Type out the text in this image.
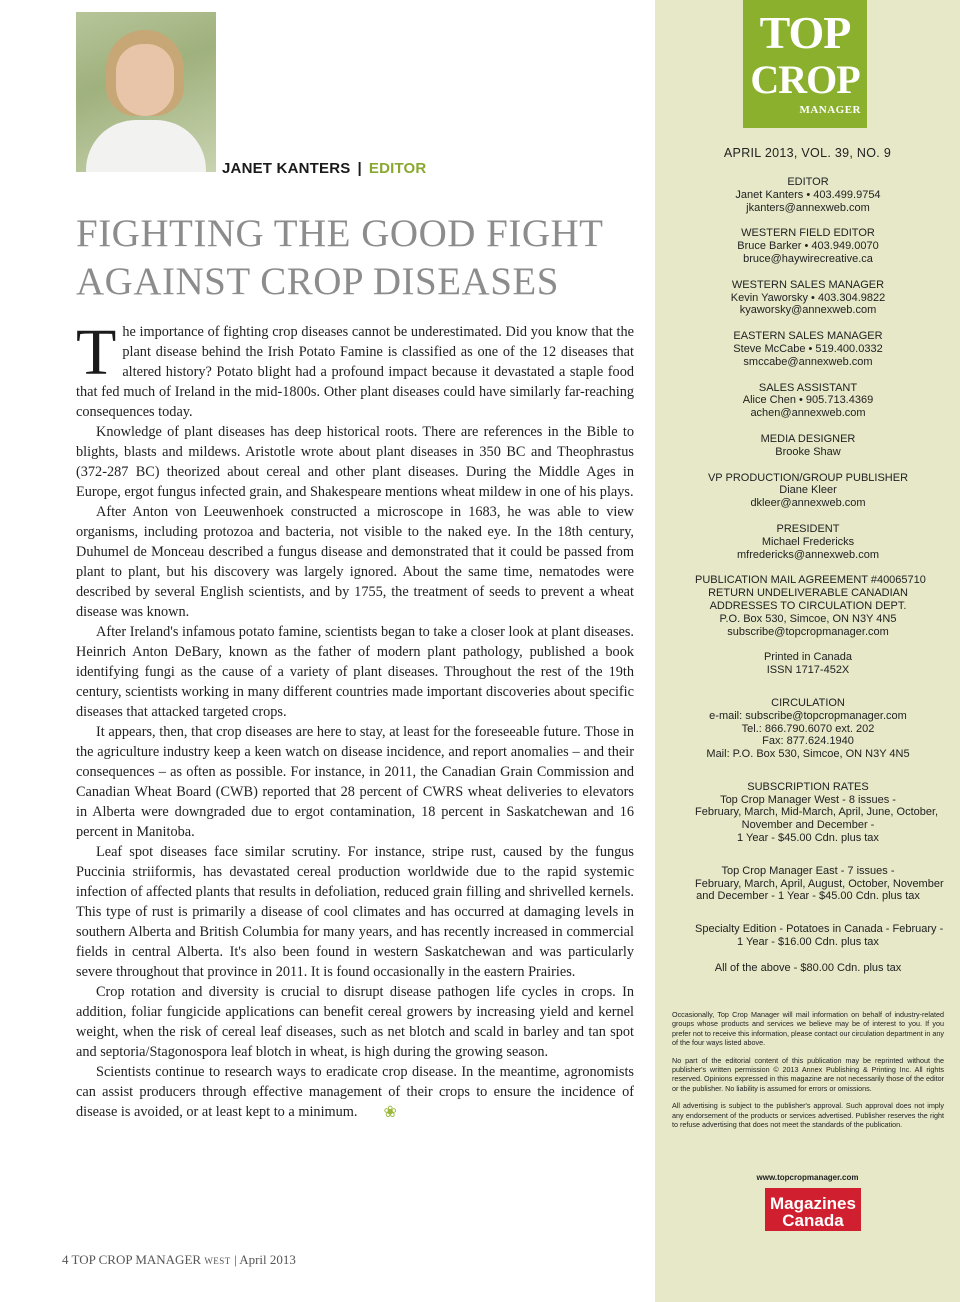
JANET KANTERS | EDITOR
FIGHTING THE GOOD FIGHT
AGAINST CROP DISEASES

The importance of fighting crop diseases cannot be underestimated. Did you know that the plant disease behind the Irish Potato Famine is classified as one of the 12 diseases that altered history? Potato blight had a profound impact because it devastated a staple food that fed much of Ireland in the mid-1800s. Other plant diseases could have similarly far-reaching consequences today.

Knowledge of plant diseases has deep historical roots. There are references in the Bible to blights, blasts and mildews. Aristotle wrote about plant diseases in 350 BC and Theophrastus (372-287 BC) theorized about cereal and other plant diseases. During the Middle Ages in Europe, ergot fungus infected grain, and Shakespeare mentions wheat mildew in one of his plays.

After Anton von Leeuwenhoek constructed a microscope in 1683, he was able to view organisms, including protozoa and bacteria, not visible to the naked eye. In the 18th century, Duhumel de Monceau described a fungus disease and demonstrated that it could be passed from plant to plant, but his discovery was largely ignored. About the same time, nematodes were described by several English scientists, and by 1755, the treatment of seeds to prevent a wheat disease was known.

After Ireland's infamous potato famine, scientists began to take a closer look at plant diseases. Heinrich Anton DeBary, known as the father of modern plant pathology, published a book identifying fungi as the cause of a variety of plant diseases. Throughout the rest of the 19th century, scientists working in many different countries made important discoveries about specific diseases that attacked targeted crops.

It appears, then, that crop diseases are here to stay, at least for the foreseeable future. Those in the agriculture industry keep a keen watch on disease incidence, and report anomalies – and their consequences – as often as possible. For instance, in 2011, the Canadian Grain Commission and Canadian Wheat Board (CWB) reported that 28 percent of CWRS wheat deliveries to elevators in Alberta were downgraded due to ergot contamination, 18 percent in Saskatchewan and 16 percent in Manitoba.

Leaf spot diseases face similar scrutiny. For instance, stripe rust, caused by the fungus Puccinia striiformis, has devastated cereal production worldwide due to the rapid systemic infection of affected plants that results in defoliation, reduced grain filling and shrivelled kernels. This type of rust is primarily a disease of cool climates and has occurred at damaging levels in southern Alberta and British Columbia for many years, and has recently increased in commercial fields in central Alberta. It's also been found in western Saskatchewan and was particularly severe throughout that province in 2011. It is found occasionally in the eastern Prairies.

Crop rotation and diversity is crucial to disrupt disease pathogen life cycles in crops. In addition, foliar fungicide applications can benefit cereal growers by increasing yield and kernel weight, when the risk of cereal leaf diseases, such as net blotch and scald in barley and tan spot and septoria/Stagonospora leaf blotch in wheat, is high during the growing season.

Scientists continue to research ways to eradicate crop disease. In the meantime, agronomists can assist producers through effective management of their crops to ensure the incidence of disease is avoided, or at least kept to a minimum. ❀

4 TOP CROP MANAGER WEST | April 2013
TOP
CROP
MANAGER
APRIL 2013, VOL. 39, NO. 9
EDITOR
Janet Kanters • 403.499.9754
jkanters@annexweb.com
WESTERN FIELD EDITOR
Bruce Barker • 403.949.0070
bruce@haywirecreative.ca
WESTERN SALES MANAGER
Kevin Yaworsky • 403.304.9822
kyaworsky@annexweb.com
EASTERN SALES MANAGER
Steve McCabe • 519.400.0332
smccabe@annexweb.com
SALES ASSISTANT
Alice Chen • 905.713.4369
achen@annexweb.com
MEDIA DESIGNER
Brooke Shaw
VP PRODUCTION/GROUP PUBLISHER
Diane Kleer
dkleer@annexweb.com
PRESIDENT
Michael Fredericks
mfredericks@annexweb.com
PUBLICATION MAIL AGREEMENT #40065710
RETURN UNDELIVERABLE CANADIAN
ADDRESSES TO CIRCULATION DEPT.
P.O. Box 530, Simcoe, ON N3Y 4N5
subscribe@topcropmanager.com
Printed in Canada
ISSN 1717-452X
CIRCULATION
e-mail: subscribe@topcropmanager.com
Tel.: 866.790.6070 ext. 202
Fax: 877.624.1940
Mail: P.O. Box 530, Simcoe, ON N3Y 4N5
SUBSCRIPTION RATES
Top Crop Manager West - 8 issues -
February, March, Mid-March, April, June, October,
November and December -
1 Year - $45.00 Cdn. plus tax
Top Crop Manager East - 7 issues -
February, March, April, August, October, November
and December - 1 Year - $45.00 Cdn. plus tax
Specialty Edition - Potatoes in Canada - February -
1 Year - $16.00 Cdn. plus tax
All of the above - $80.00 Cdn. plus tax

Occasionally, Top Crop Manager will mail information on behalf of industry-related groups whose products and services we believe may be of interest to you. If you prefer not to receive this information, please contact our circulation department in any of the four ways listed above.

No part of the editorial content of this publication may be reprinted without the publisher's written permission © 2013 Annex Publishing & Printing Inc. All rights reserved. Opinions expressed in this magazine are not necessarily those of the editor or the publisher. No liability is assumed for errors or omissions.

All advertising is subject to the publisher's approval. Such approval does not imply any endorsement of the products or services advertised. Publisher reserves the right to refuse advertising that does not meet the standards of the publication.

www.topcropmanager.com
Magazines
Canada
